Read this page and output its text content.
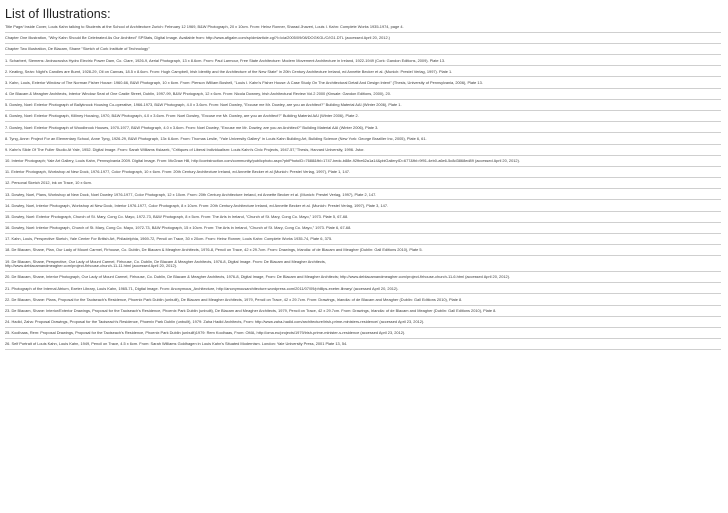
List of Illustrations:
Title Page/ Inside Cover, Louis Kahn talking to Students at the School of Architecture Zurich: February 12 1969, B&W Photograph, 20 x 10cm. From: Heinz Ronner, Sharad Jhaveri, Louis I. Kahn: Complete Works 1935-1974, page 4.
Chapter One Illustration, "Why Kahn Should Be Celebrated As Our Architect" SPStats, Digital Image. Available from: http://www.afigalm.com/sp/dmlarticle.cgi?l=/cia/2005/09/08/DOGKGL/C/IG1.DTL (accessed April 20, 2012.)
Chapter Two Illustration, De Blacam, Shane "Sketch of Cork Institute of Technology"
1. Scharbert, Siemens: Ardnacrusha Hydro Electric Power Dam, Co. Clare, 1926-9, Aerial Photograph, 13 x 8.6cm. From: Paul Larmour, Free State Architecture: Modern Movement Architecture in Ireland, 1922-1949 (Cork: Gandon Editions, 2009). Plate 13.
2. Keating, Seán: Night's Candles are Burnt, 1928-29, Oil on Canvas, 18.5 x 8.6cm. From: Hugh Campbell, Irish Identity and the Architecture of the New State" in 20th Century Architecture Ireland, ed Annette Becker et al. (Munich: Prestel Verlag, 1997). Plate 1.
3. Kahn, Louis, Exterior Window of The Norman Fisher House: 1960-66, B&W Photograph, 10 x 6cm. From: Pierson William Boshell, "Louis I. Kahn's Fisher House: A Case Study On The Architectural Detail And Design Intent" (Thesis, University of Pennsylvania, 2006), Plate 13.
4. De Blacam & Meagher Architects, Interior Window Seat of One Castle Street, Dublin, 1997-99, B&W Photograph, 12 x 6cm. From: Nicola Downey, Irish Architectural Review Vol.2 2000 (Kinsale: Gandon Editions, 2000), 20.
5. Dowley, Noel: Exterior Photograph of Ballyknock Housing Co-operative, 1966-1973, B&W Photograph, 4.0 x 3.6cm. From: Noel Dowley, "Excuse me Mr. Dowley, are you an Architect?" Building Material AAI (Winter 2006), Plate 1.
6. Dowley, Noel: Exterior Photograph, Killiney Housing, 1970, B&W Photograph, 4.0 x 3.6cm. From: Noel Dowley, "Excuse me Mr. Dowley, are you an Architect?" Building Material AAI (Winter 2006), Plate 2.
7. Dowley, Noel: Exterior Photograph of Woodbrook Houses, 1970-1977, B&W Photograph, 4.0 x 3.6cm. From: Noel Dowley, "Excuse me Mr. Dowley, are you an Architect?" Building Material AAI (Winter 2006), Plate 3.
8. Tyng, Anne: Project For an Elementary School, Anne Tyng, 1926-29, B&W Photograph, 13x 6.6cm. From: Thomas Leslie, "Yale University Gallery" in Louis Kahn Building Art, Building Science (New York: George Braziller Inc, 2005), Plate 6, 61.
9. Kahn's Slide Of The Fuller Studio At Yale, 1952. Digital Image. From: Sarah Williams Ksiazek, "Critiques of Liberal Individualism: Louis Kahn's Civic Projects, 1947-57,"Thesis, Harvard University, 1996. Jstor.
10. Interior Photograph; Yale Art Gallery, Louis Kahn, Pennsylvania 2009. Digital Image. From: McGraw Hill, http://contstruction.com/community/publicphoto.aspx?pbiPhotoID=7688&fbl=1747-bedc-b88e-92fbe62a1a14&pbiGalleryID=677&fbl=9f91-4eb0-a6e6-5c8d3868ed89 (accessed April 20, 2012).
11. Exterior Photograph, Workshop at New Dock, 1976-1977, Color Photograph, 10 x 6cm. From: 20th Century Architecture Ireland, ed Annette Becker et al (Munich: Prestel Verlag, 1997), Plate 1, 147.
12. Personal Sketch 2012, ink on Trace, 10 x 6cm.
13. Dowley, Noel, Plans, Workshop at New Dock, Noel Dowley 1976-1977, Color Photograph, 12 x 10cm. From: 20th Century Architecture Ireland, ed Annette Becker et al. (Munich: Prestel Verlag, 1997), Plate 2, 147.
14. Dowley, Noel, Interior Photograph, Workshop at New Dock, Interior 1976-1977, Color Photograph, 8 x 10cm. From: 20th Century Architecture Ireland, ed Annette Becker et al. (Munich: Prestel Verlag, 1997), Plate 3, 147.
15. Dowley, Noel: Exterior Photograph, Church of St. Mary, Cong Co. Mayo, 1972-73, B&W Photograph, 8 x 5cm. From: The Arts in Ireland, "Church of St. Mary, Cong Co. Mayo," 1973. Plate 5, 67-68.
16. Dowley, Noel: Interior Photograph, Church of St. Mary, Cong Co. Mayo, 1972-73, B&W Photograph, 15 x 10cm. From: The Arts in Ireland, "Church of St. Mary, Cong Co. Mayo," 1973. Plate 6, 67-68.
17. Kahn, Louis, Perspective Sketch, Yale Center For British Art, Philadelphia, 1969-72, Pencil on Trace, 30 x 20cm. From: Heinz Ronner, Louis Kahn: Complete Works 1935-74, Plate 6, 375.
18. De Blacam, Shane, Plan, Our Lady of Mount Carmel, Firhouse, Co. Dublin, De Blacam & Meagher Architects, 1976-8, Pencil on Trace, 42 x 29.7cm. From: Drawings, Irlandia: of de Blacam and Meagher (Dublin: Gall Editions 2010), Plate 5.
19. De Blacam, Shane, Perspective, Our Lady of Mount Carmel, Firhouse, Co. Dublin, De Blacam & Meagher Architects, 1976-8, Digital Image. From: De Blacam and Meagher Architects,
http://www.deblacamandmeagher.com/project-firhouse-church-11-11.html (accessed April 20, 2012).
20. De Blacam, Shane, Interior Photograph, Our Lady of Mount Carmel, Firhouse, Co. Dublin, De Blacam & Meagher Architects, 1976-8, Digital Image, From: De Blacam and Meagher Architects; http://www.deblacamandmeagher.com/project-firhouse-church-11-6.html (accessed April 20, 2012).
21. Photograph of the Internal Atrium, Exeter Library, Louis Kahn, 1965-71, Digital Image. From: Anonymous_Architecture, http://anonymousarchitecture.wordpress.com/2011/07/09/phillips-exeter-library/ (accessed April 20, 2012).
22. De Blacam, Shane: Plans, Proposal for the Taoiseach's Residence, Phoenix Park Dublin (unbuilt), De Blacam and Meagher Architects, 1979, Pencil on Trace, 42 x 29.7cm. From: Drawings, Irlandia: of de Blacam and Meagher (Dublin: Gall Editions 2010), Plate 8.
23. De Blacam, Shane: Interior/Exterior Drawings, Proposal for the Taoiseach's Residence, Phoenix Park Dublin (unbuilt), De Blacam and Meagher Architects, 1979, Pencil on Trace, 42 x 29.7cm. From: Drawings, Irlandia: of de Blacam and Meagher (Dublin: Gall Editions 2010), Plate 8.
24. Hadid, Zaha: Proposal Drawings, Proposal for the Taoiseach's Residence, Phoenix Park Dublin (unbuilt), 1979: Zaha Hadid Architects, From: http://www.zaha-hadid.com/architecture/irish-prime-ministers-residence/ (accessed April 23, 2012).
25. Koolhaas, Rem: Proposal Drawings, Proposal for the Taoiseach's Residence, Phoenix Park Dublin (unbuilt)1979: Rem Koolhaas, From: OMA, http://oma.eu/projects/1979/irish-prime-minister-s-residence (accessed April 23, 2012).
26. Self Portrait of Louis Kahn, Louis Kahn, 1949, Pencil on Trace, 4.5 x 6cm. From: Sarah Williams Goldhagen in Louis Kahn's Situated Modernism. London: Yale University Press, 2001 Plate 13, 54.
